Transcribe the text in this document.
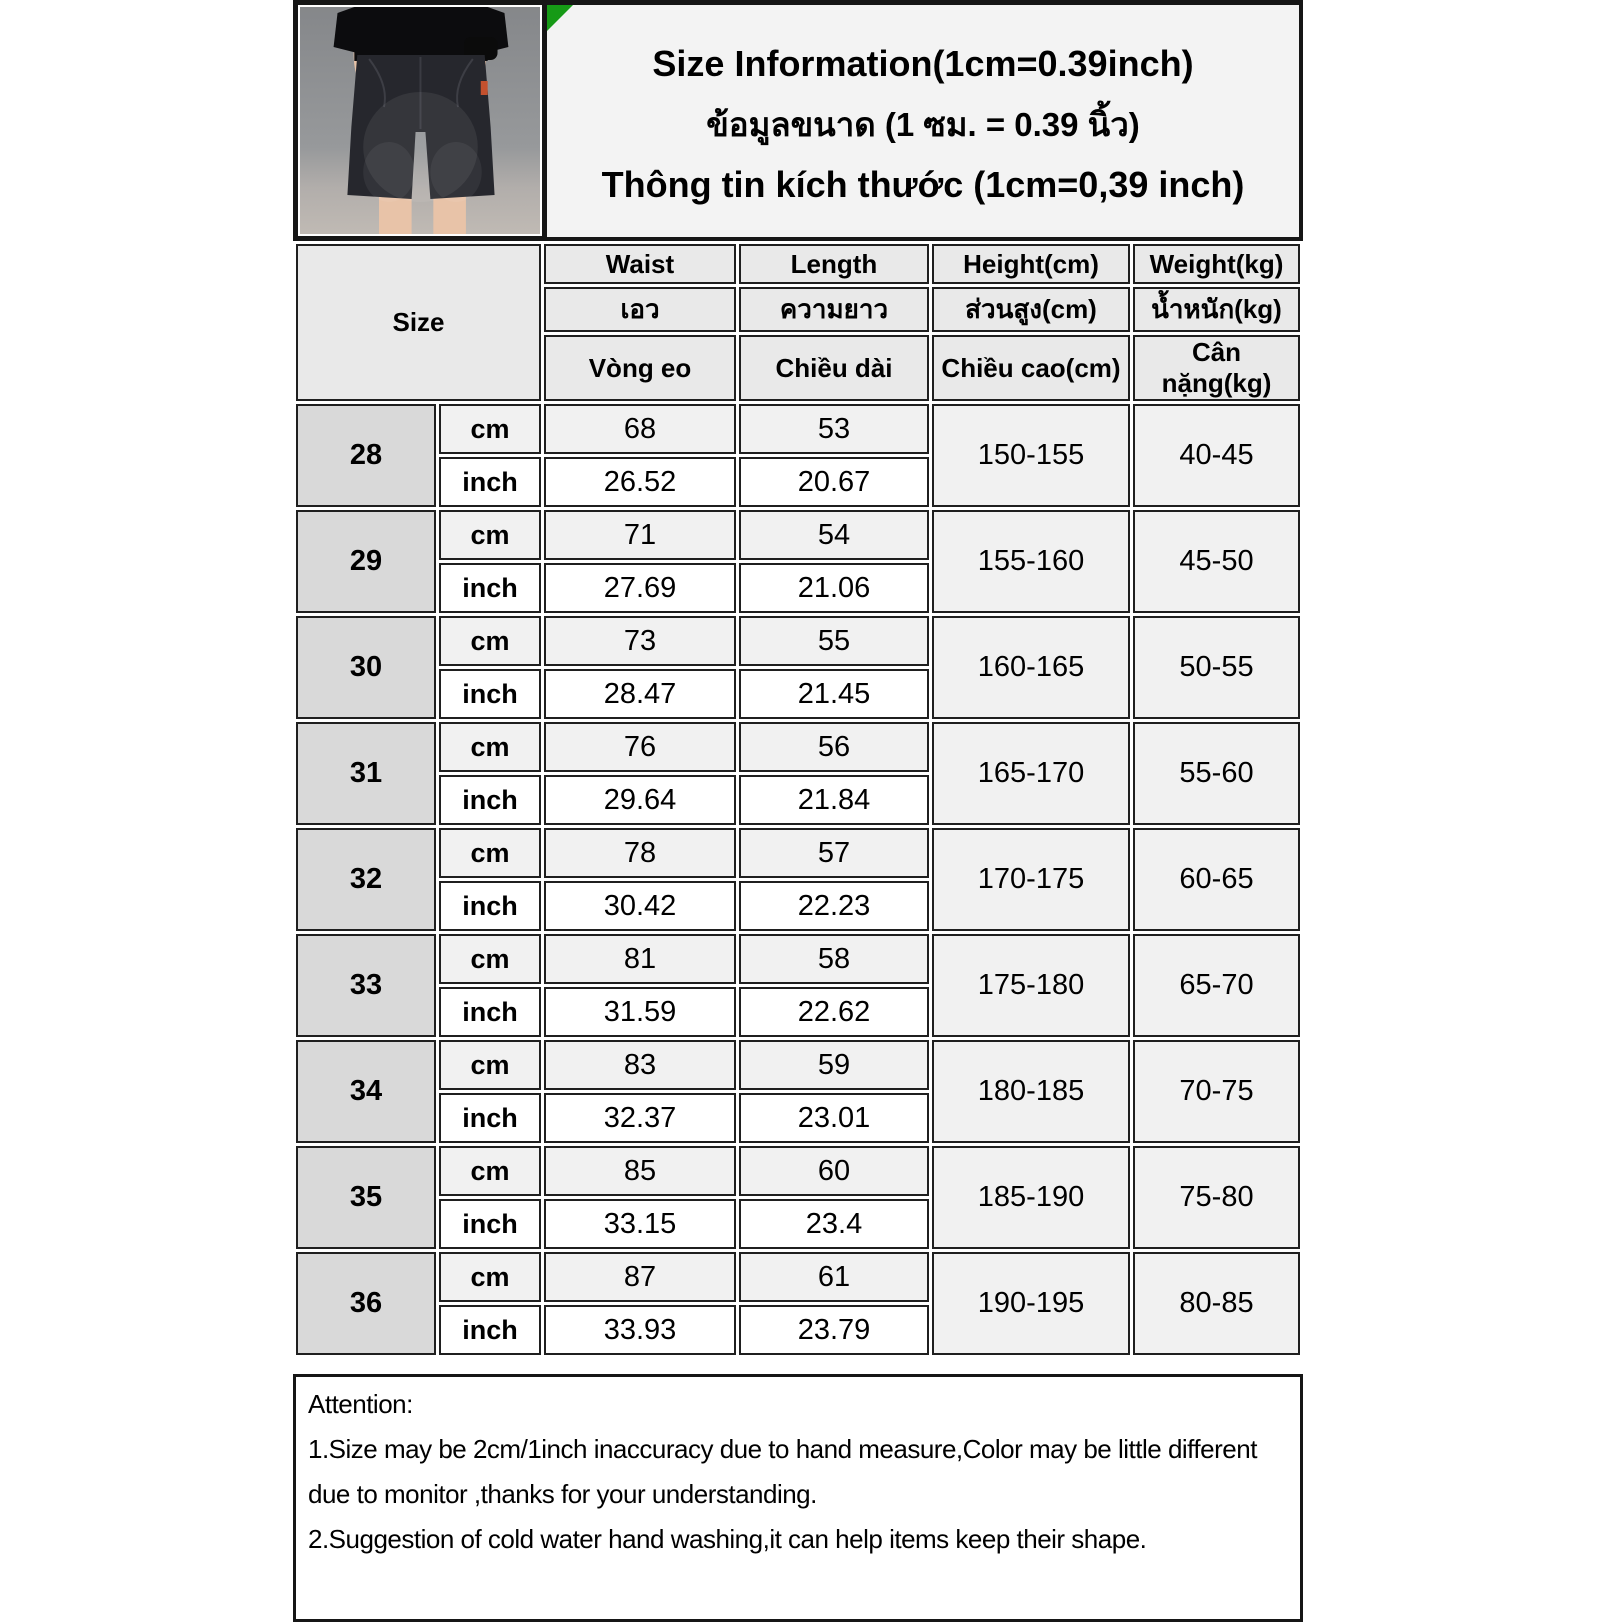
Size Information(1cm=0.39inch)
ข้อมูลขนาด (1 ซม. = 0.39 นิ้ว)
Thông tin kích thước (1cm=0,39 inch)
Size		Waist	Length	Height(cm)	Weight(kg)
		เอว	ความยาว	ส่วนสูง(cm)	น้ำหนัก(kg)
		Vòng eo	Chiều dài	Chiều cao(cm)	Cân nặng(kg)
28	cm	68	53	150-155	40-45
	inch	26.52	20.67		
29	cm	71	54	155-160	45-50
	inch	27.69	21.06		
30	cm	73	55	160-165	50-55
	inch	28.47	21.45		
31	cm	76	56	165-170	55-60
	inch	29.64	21.84		
32	cm	78	57	170-175	60-65
	inch	30.42	22.23		
33	cm	81	58	175-180	65-70
	inch	31.59	22.62		
34	cm	83	59	180-185	70-75
	inch	32.37	23.01		
35	cm	85	60	185-190	75-80
	inch	33.15	23.4		
36	cm	87	61	190-195	80-85
	inch	33.93	23.79		
Attention:
1.Size may be 2cm/1inch inaccuracy due to hand measure,Color may be little different
due to monitor ,thanks for your understanding.
2.Suggestion of cold water hand washing,it can help items keep their shape.
